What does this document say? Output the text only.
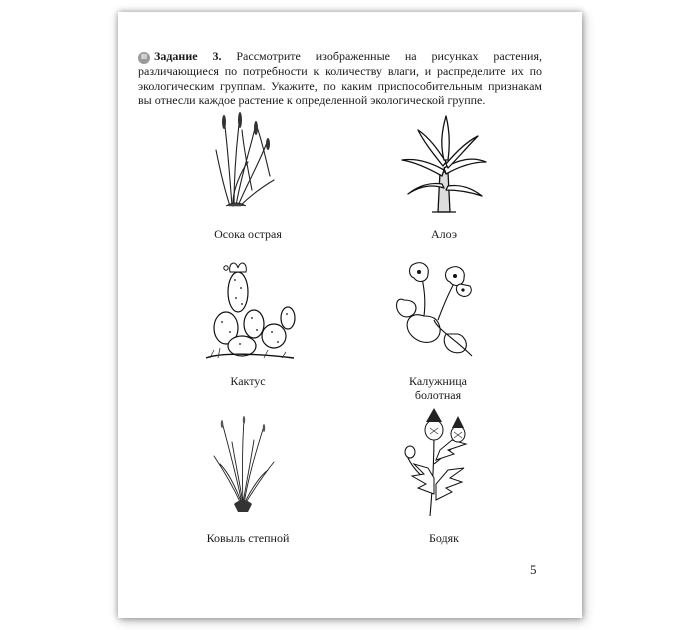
III Задание 3. Рассмотрите изображенные на рисунках растения, различающиеся по потребности к количеству влаги, и распределите их по экологическим группам. Укажите, по каким приспособительным признакам вы отнесли каждое растение к определенной экологической группе.
Осока острая	Алоэ
Кактус	Калужница болотная
Ковыль степной	Бодяк
5
